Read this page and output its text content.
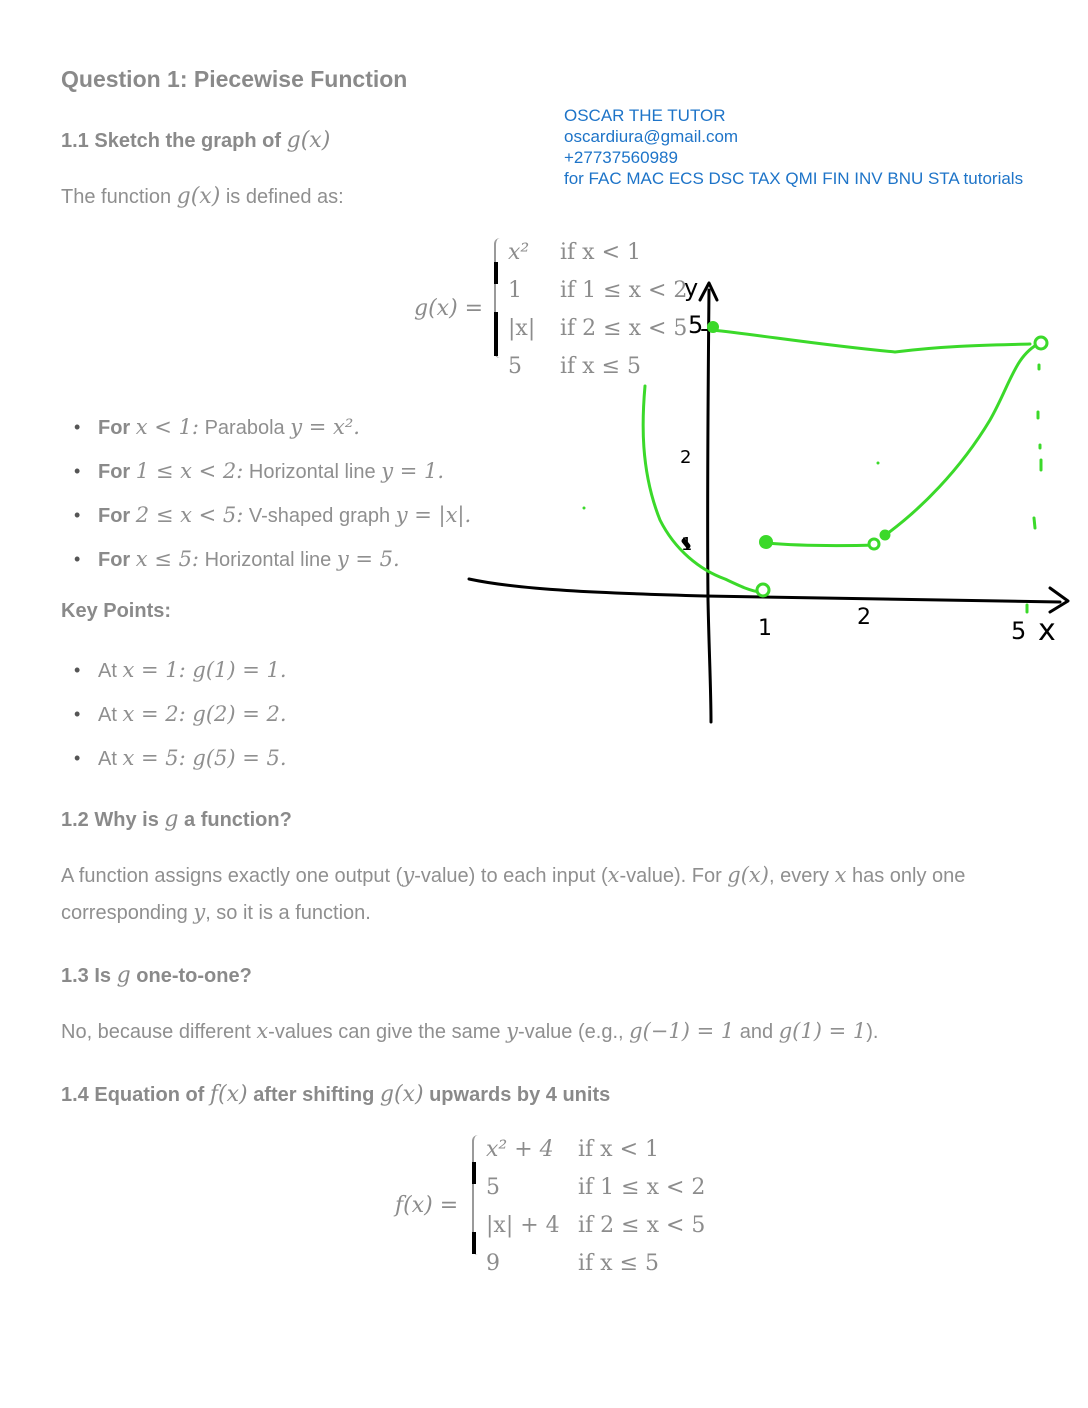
Question 1: Piecewise Function
OSCAR THE TUTOR
oscardiura@gmail.com
+27737560989
for FAC MAC ECS DSC TAX QMI FIN INV BNU STA tutorials
1.1 Sketch the graph of g(x)

The function g(x) is defined as:

g(x) =
x² if x < 1
1 if 1 ≤ x < 2
|x| if 2 ≤ x < 5
5 if x ≤ 5
• For x < 1: Parabola y = x².
• For 1 ≤ x < 2: Horizontal line y = 1.
• For 2 ≤ x < 5: V-shaped graph y = |x|.
• For x ≤ 5: Horizontal line y = 5.
Key Points:
• At x = 1: g(1) = 1.
• At x = 2: g(2) = 2.
• At x = 5: g(5) = 5.
1.2 Why is g a function?

A function assigns exactly one output (y-value) to each input (x-value). For g(x), every x has only one

corresponding y, so it is a function.

1.3 Is g one-to-one?

No, because different x-values can give the same y-value (e.g., g(−1) = 1 and g(1) = 1).

1.4 Equation of f(x) after shifting g(x) upwards by 4 units
f(x) =
x² + 4 if x < 1
5	if 1 ≤ x < 2
|x| + 4 if 2 ≤ x < 5
9	if x ≤ 5
y
x
5
2
1
1	2	5
